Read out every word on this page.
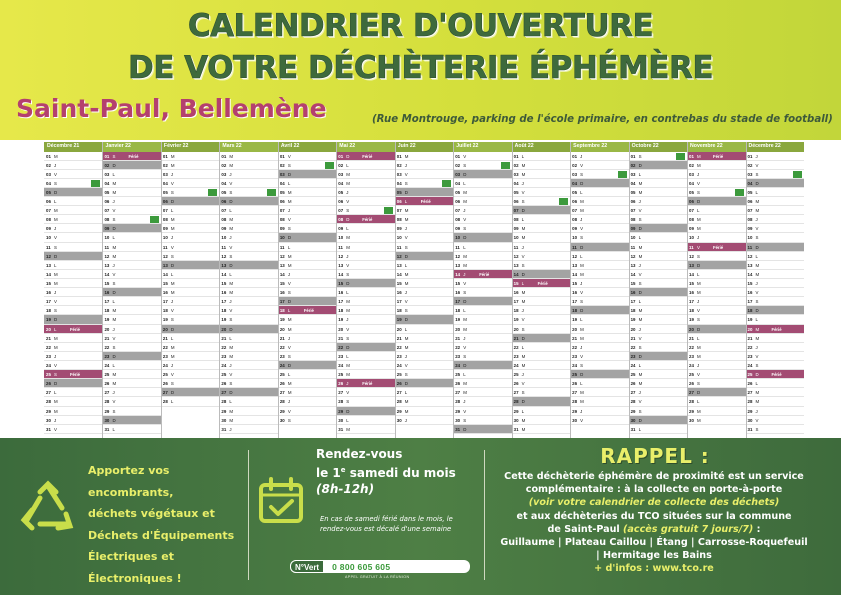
CALENDRIER D'OUVERTURE
DE VOTRE DÉCHÈTERIE ÉPHÉMÈRE
Saint-Paul, Bellemène	(Rue Montrouge, parking de l'école primaire, en contrebas du stade de football)
Décembre 21
01 M
02 J
03 V
04 S
05 D
06 L
07 M
08 M
09 J
10 V
11 S
12 D
13 L
14 M
15 M
16 J
17 V
18 S
19 D
20 L	Férié
21 M
22 M
23 J
24 V
25 S	Férié
26 D
27 L
28 M
29 M
30 J
31 V
Janvier 22
01 S	Férié
02 D
03 L
04 M
05 M
06 J
07 V
08 S
09 D
10 L
11 M
12 M
13 J
14 V
15 S
16 D
17 L
18 M
19 M
20 J
21 V
22 S
23 D
24 L
25 M
26 M
27 J
28 V
29 S
30 D
31 L
Février 22
01 M
02 M
03 J
04 V
05 S
06 D
07 L
08 M
09 M
10 J
11 V
12 S
13 D
14 L
15 M
16 M
17 J
18 V
19 S
20 D
21 L
22 M
23 M
24 J
25 V
26 S
27 D
28 L
Mars 22
01 M
02 M
03 J
04 V
05 S
06 D
07 L
08 M
09 M
10 J
11 V
12 S
13 D
14 L
15 M
16 M
17 J
18 V
19 S
20 D
21 L
22 M
23 M
24 J
25 V
26 S
27 D
28 L
29 M
30 M
31 J
Avril 22
01 V
02 S
03 D
04 L
05 M
06 M
07 J
08 V
09 S
10 D
11 L
12 M
13 M
14 J
15 V
16 S
17 D
18 L	Férié
19 M
20 M
21 J
22 V
23 S
24 D
25 L
26 M
27 M
28 J
29 V
30 S
Mai 22
01 D	Férié
02 L
03 M
04 M
05 J
06 V
07 S
08 D	Férié
09 L
10 M
11 M
12 J
13 V
14 S
15 D
16 L
17 M
18 M
19 J
20 V
21 S
22 D
23 L
24 M
25 M
26 J	Férié
27 V
28 S
29 D
30 L
31 M
Juin 22
01 M
02 J
03 V
04 S
05 D
06 L	Férié
07 M
08 M
09 J
10 V
11 S
12 D
13 L
14 M
15 M
16 J
17 V
18 S
19 D
20 L
21 M
22 M
23 J
24 V
25 S
26 D
27 L
28 M
29 M
30 J
Juillet 22
01 V
02 S
03 D
04 L
05 M
06 M
07 J
08 V
09 S
10 D
11 L
12 M
13 M
14 J	Férié
15 V
16 S
17 D
18 L
19 M
20 M
21 J
22 V
23 S
24 D
25 L
26 M
27 M
28 J
29 V
30 S
31 D
Août 22
01 L
02 M
03 M
04 J
05 V
06 S
07 D
08 L
09 M
10 M
11 J
12 V
13 S
14 D
15 L	Férié
16 M
17 M
18 J
19 V
20 S
21 D
22 L
23 M
24 M
25 J
26 V
27 S
28 D
29 L
30 M
31 M
Septembre 22
01 J
02 V
03 S
04 D
05 L
06 M
07 M
08 J
09 V
10 S
11 D
12 L
13 M
14 M
15 J
16 V
17 S
18 D
19 L
20 M
21 M
22 J
23 V
24 S
25 D
26 L
27 M
28 M
29 J
30 V
Octobre 22
01 S
02 D
03 L
04 M
05 M
06 J
07 V
08 S
09 D
10 L
11 M
12 M
13 J
14 V
15 S
16 D
17 L
18 M
19 M
20 J
21 V
22 S
23 D
24 L
25 M
26 M
27 J
28 V
29 S
30 D
31 L
Novembre 22
01 M	Férié
02 M
03 J
04 V
05 S
06 D
07 L
08 M
09 M
10 J
11 V	Férié
12 S
13 D
14 L
15 M
16 M
17 J
18 V
19 S
20 D
21 L
22 M
23 M
24 J
25 V
26 S
27 D
28 L
29 M
30 M
Décembre 22
01 J
02 V
03 S
04 D
05 L
06 M
07 M
08 J
09 V
10 S
11 D
12 L
13 M
14 M
15 J
16 V
17 S
18 D
19 L
20 M	Férié
21 M
22 J
23 V
24 S
25 D	Férié
26 L
27 M
28 M
29 J
30 V
31 S
Apportez vos
encombrants,
déchets végétaux et
Déchets d'Équipements
Électriques et
Électroniques !
Rendez-vous
le 1e samedi du mois
(8h-12h)
En cas de samedi férié dans le mois, le rendez-vous est décalé d'une semaine
N°Vert	0 800 605 605
APPEL GRATUIT À LA RÉUNION
RAPPEL :
Cette déchèterie éphémère de proximité est un service
complémentaire : à la collecte en porte-à-porte
(voir votre calendrier de collecte des déchets)
et aux déchèteries du TCO situées sur la commune
de Saint-Paul (accès gratuit 7 jours/7) :
Guillaume | Plateau Caillou | Étang | Carrosse-Roquefeuil
| Hermitage les Bains
+ d'infos : www.tco.re
